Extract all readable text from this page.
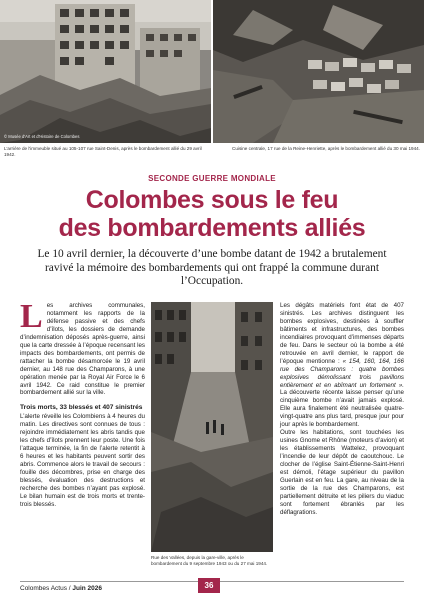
© Musée d'Art et d'Histoire de Colombes
L'arrière de l'immeuble situé au 105-107 rue Saint-Denis, après le bombardement allié du 29 avril 1942.
Cuisine centrale, 17 rue de la Reine-Henriette, après le bombardement allié du 30 mai 1944.
SECONDE GUERRE MONDIALE
Colombes sous le feu
des bombardements alliés
Le 10 avril dernier, la découverte d’une bombe datant de 1942 a brutalement ravivé la mémoire des bombardements qui ont frappé la commune durant l’Occupation.

Les archives communales, notamment les rapports de la défense passive et des chefs d’îlots, les dossiers de demande d’indemnisation déposés après-guerre, ainsi que la carte dressée à l’époque recensant les impacts des bombardements, ont permis de rattacher la bombe désamorcée le 19 avril dernier, au 148 rue des Champarons, à une opération menée par la Royal Air Force le 6 avril 1942. Ce raid constitue le premier bombardement allié sur la ville.

Trois morts, 33 blessés et 407 sinistrés

L’alerte réveille les Colombiens à 4 heures du matin. Les directives sont connues de tous : rejoindre immédiatement les abris tandis que les chefs d’îlots prennent leur poste. Une fois l’attaque terminée, la fin de l’alerte retentit à 6 heures et les habitants peuvent sortir des abris. Commence alors le travail de secours : fouille des décombres, prise en charge des blessés, évaluation des destructions et recherche des bombes n’ayant pas explosé. Le bilan humain est de trois morts et trente-trois blessés.

Rue des Vallées, depuis la gare-ville, après le bombardement du 9 septembre 1943 ou du 27 mai 1944.

Les dégâts matériels font état de 407 sinistrés. Les archives distinguent les bombes explosives, destinées à souffler bâtiments et infrastructures, des bombes incendiaires provoquant d’immenses départs de feu. Dans le secteur où la bombe a été retrouvée en avril dernier, le rapport de l’époque mentionne : « 154, 160, 164, 166 rue des Champarons : quatre bombes explosives démolissant trois pavillons entièrement et en abîmant un fortement ». La découverte récente laisse penser qu’une cinquième bombe n’avait jamais explosé. Elle aura finalement été neutralisée quatre-vingt-quatre ans plus tard, presque jour pour jour après le bombardement.

Outre les habitations, sont touchées les usines Gnome et Rhône (moteurs d’avion) et les établissements Wattelez, provoquant l’incendie de leur dépôt de caoutchouc. Le clocher de l’église Saint-Étienne-Saint-Henri est démoli, l’étage supérieur du pavillon Guerlain est en feu. La gare, au niveau de la sortie de la rue des Champarons, est partiellement détruite et les piliers du viaduc sont fortement ébranlés par les déflagrations.

Colombes Actus / Juin 2026	36
